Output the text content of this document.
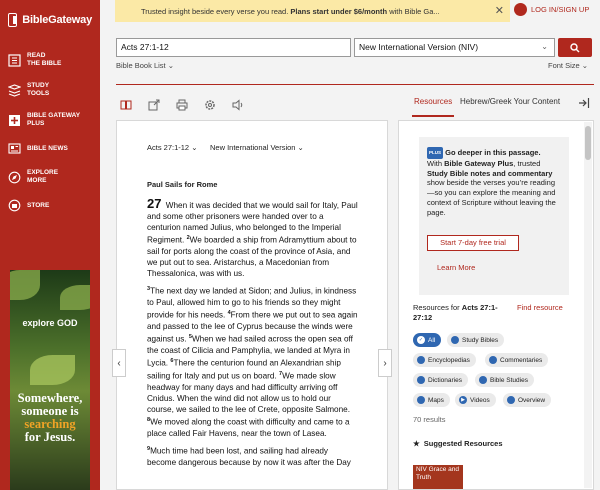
BibleGateway
READ
THE BIBLE
STUDY
TOOLS
BIBLE GATEWAY
PLUS
BIBLE NEWS
EXPLORE
MORE
STORE
explore GOD
Somewhere,
someone is
searching
for Jesus.
Trusted insight beside every verse you read.
Plans start under $6/month
with Bible Ga...	✕	LOG IN/SIGN UP
Acts 27:1-12	New International Version (NIV)	⌄
Bible Book List ⌄	Font Size ⌄
Resources Hebrew/Greek Your Content
Acts 27:1-12 ⌄ New International Version ⌄
Paul Sails for Rome

27 When it was decided that we would sail for Italy, Paul and some other prisoners were handed over to a centurion named Julius, who belonged to the Imperial Regiment. $^2$We boarded a ship from Adramyttium about to sail for ports along the coast of the province of Asia, and we put out to sea. Aristarchus, a Macedonian from Thessalonica, was with us.

$^3$The next day we landed at Sidon; and Julius, in kindness to Paul, allowed him to go to his friends so they might provide for his needs. $^4$From there we put out to sea again and passed to the lee of Cyprus because the winds were against us. $^5$When we had sailed across the open sea off the coast of Cilicia and Pamphylia, we landed at Myra in Lycia. $^6$There the centurion found an Alexandrian ship sailing for Italy and put us on board. $^7$We made slow headway for many days and had difficulty arriving off Cnidus. When the wind did not allow us to hold our course, we sailed to the lee of Crete, opposite Salmone. $^8$We moved along the coast with difficulty and came to a place called Fair Havens, near the town of Lasea.

$^9$Much time had been lost, and sailing had already become dangerous because by now it was after the Day

‹	›
PLUS Go deeper in this passage.
With Bible Gateway Plus, trusted Study Bible notes and commentary show beside the verses you’re reading—so you can explore the meaning and context of Scripture without leaving the page.
Start 7-day free trial
Learn More
Resources for Acts 27:1-27:12
Find resource
✓ All	Study Bibles
Encyclopedias	Commentaries
Dictionaries	Bible Studies
Maps	▶ Videos	Overview
70 results
★ Suggested Resources
NIV Grace and Truth
